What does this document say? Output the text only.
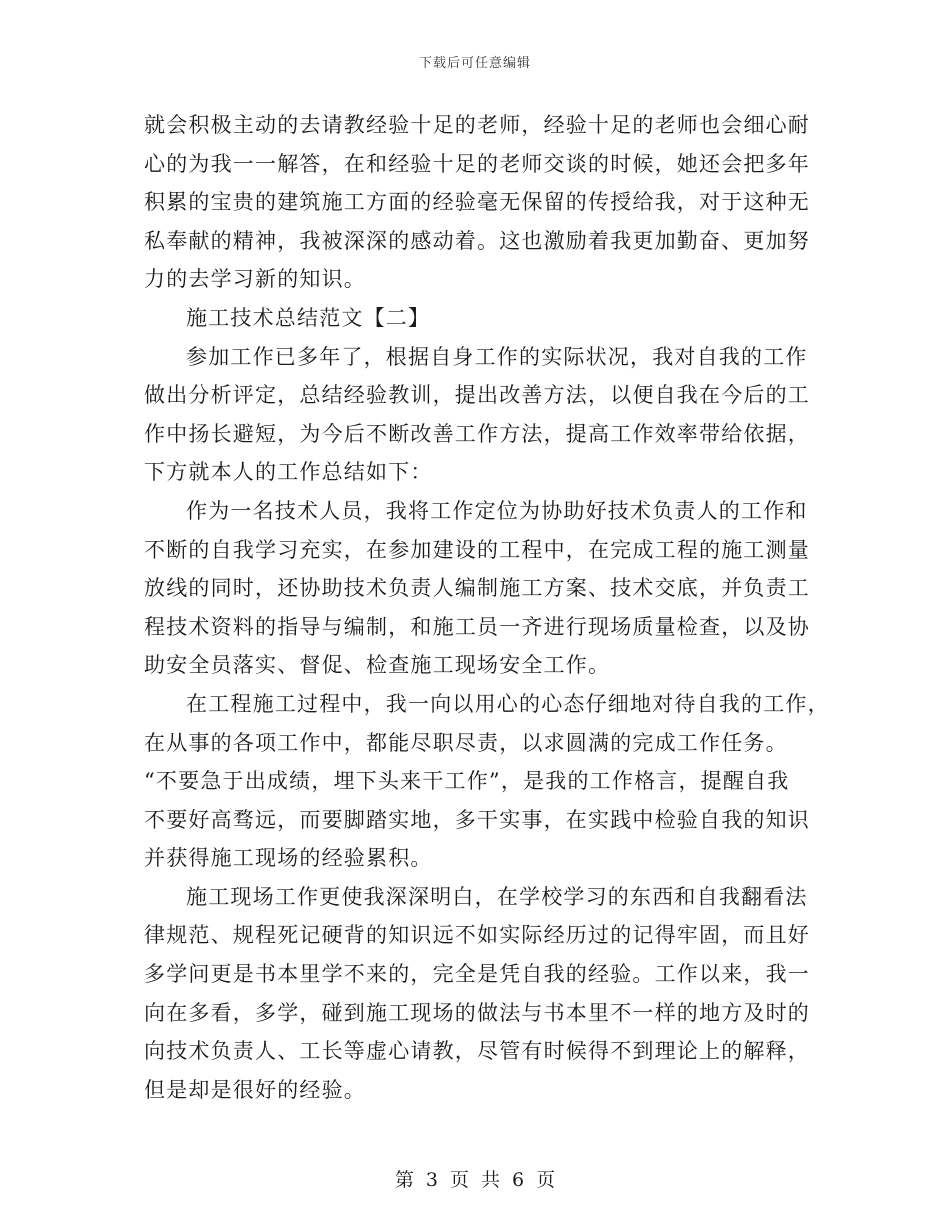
下载后可任意编辑
就会积极主动的去请教经验十足的老师，经验十足的老师也会细心耐
心的为我一一解答，在和经验十足的老师交谈的时候，她还会把多年
积累的宝贵的建筑施工方面的经验毫无保留的传授给我，对于这种无
私奉献的精神，我被深深的感动着。这也激励着我更加勤奋、更加努
力的去学习新的知识。
施工技术总结范文【二】
参加工作已多年了，根据自身工作的实际状况，我对自我的工作
做出分析评定，总结经验教训，提出改善方法，以便自我在今后的工
作中扬长避短，为今后不断改善工作方法，提高工作效率带给依据，
下方就本人的工作总结如下：
作为一名技术人员，我将工作定位为协助好技术负责人的工作和
不断的自我学习充实，在参加建设的工程中，在完成工程的施工测量
放线的同时，还协助技术负责人编制施工方案、技术交底，并负责工
程技术资料的指导与编制，和施工员一齐进行现场质量检查，以及协
助安全员落实、督促、检查施工现场安全工作。
在工程施工过程中，我一向以用心的心态仔细地对待自我的工作，
在从事的各项工作中，都能尽职尽责，以求圆满的完成工作任务。
“不要急于出成绩，埋下头来干工作”，是我的工作格言，提醒自我
不要好高骛远，而要脚踏实地，多干实事，在实践中检验自我的知识
并获得施工现场的经验累积。
施工现场工作更使我深深明白，在学校学习的东西和自我翻看法
律规范、规程死记硬背的知识远不如实际经历过的记得牢固，而且好
多学问更是书本里学不来的，完全是凭自我的经验。工作以来，我一
向在多看，多学，碰到施工现场的做法与书本里不一样的地方及时的
向技术负责人、工长等虚心请教，尽管有时候得不到理论上的解释，
但是却是很好的经验。
第 3 页 共 6 页
